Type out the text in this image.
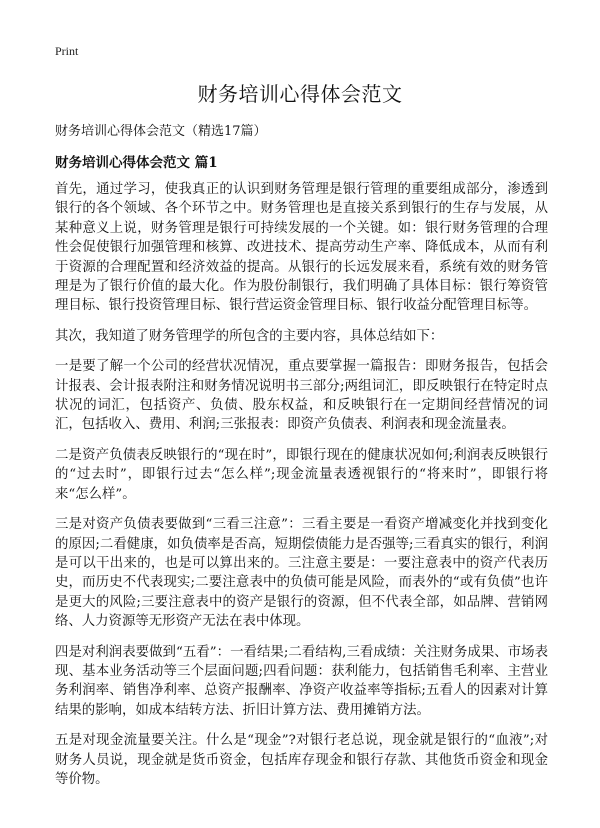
Print
财务培训心得体会范文
财务培训心得体会范文（精选17篇）
财务培训心得体会范文 篇1

首先，通过学习，使我真正的认识到财务管理是银行管理的重要组成部分，渗透到银行的各个领域、各个环节之中。财务管理也是直接关系到银行的生存与发展，从某种意义上说，财务管理是银行可持续发展的一个关键。如：银行财务管理的合理性会促使银行加强管理和核算、改进技术、提高劳动生产率、降低成本，从而有利于资源的合理配置和经济效益的提高。从银行的长远发展来看，系统有效的财务管理是为了银行价值的最大化。作为股份制银行，我们明确了具体目标：银行筹资管理目标、银行投资管理目标、银行营运资金管理目标、银行收益分配管理目标等。

其次，我知道了财务管理学的所包含的主要内容，具体总结如下：

一是要了解一个公司的经营状况情况，重点要掌握一篇报告：即财务报告，包括会计报表、会计报表附注和财务情况说明书三部分;两组词汇，即反映银行在特定时点状况的词汇，包括资产、负债、股东权益，和反映银行在一定期间经营情况的词汇，包括收入、费用、利润;三张报表：即资产负债表、利润表和现金流量表。

二是资产负债表反映银行的“现在时”，即银行现在的健康状况如何;利润表反映银行的“过去时”，即银行过去“怎么样”;现金流量表透视银行的“将来时”，即银行将来“怎么样”。

三是对资产负债表要做到“三看三注意”：三看主要是一看资产增减变化并找到变化的原因;二看健康，如负债率是否高，短期偿债能力是否强等;三看真实的银行，利润是可以干出来的，也是可以算出来的。三注意主要是：一要注意表中的资产代表历史，而历史不代表现实;二要注意表中的负债可能是风险，而表外的“或有负债”也许是更大的风险;三要注意表中的资产是银行的资源，但不代表全部，如品牌、营销网络、人力资源等无形资产无法在表中体现。

四是对利润表要做到“五看”：一看结果;二看结构,三看成绩：关注财务成果、市场表现、基本业务活动等三个层面问题;四看问题：获利能力，包括销售毛利率、主营业务利润率、销售净利率、总资产报酬率、净资产收益率等指标;五看人的因素对计算结果的影响，如成本结转方法、折旧计算方法、费用摊销方法。

五是对现金流量要关注。什么是“现金”?对银行老总说，现金就是银行的“血液”;对财务人员说，现金就是货币资金，包括库存现金和银行存款、其他货币资金和现金等价物。
